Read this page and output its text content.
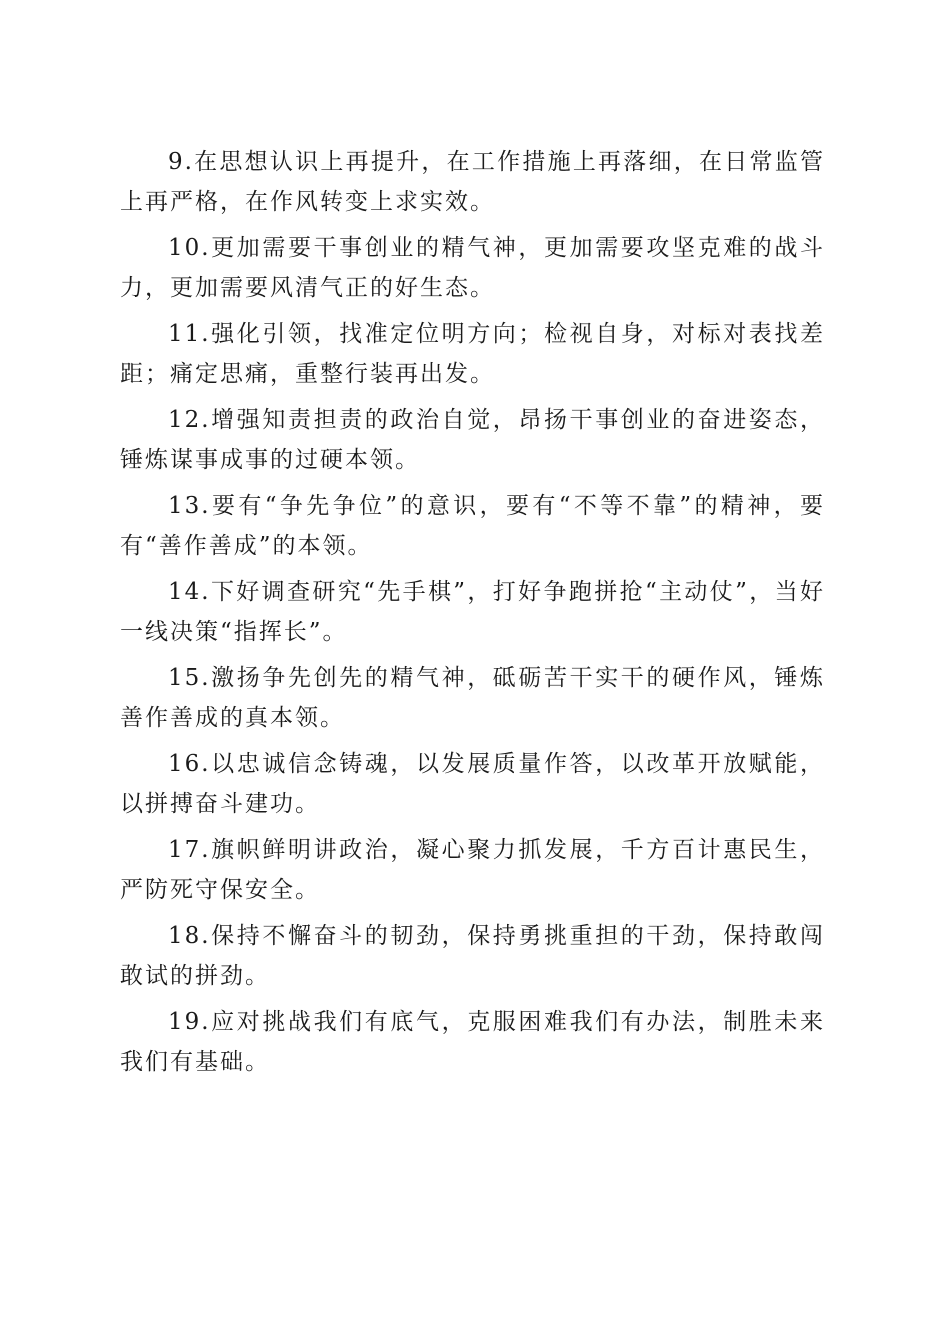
9.在思想认识上再提升，在工作措施上再落细，在日常监管上再严格，在作风转变上求实效。

10.更加需要干事创业的精气神，更加需要攻坚克难的战斗力，更加需要风清气正的好生态。

11.强化引领，找准定位明方向；检视自身，对标对表找差距；痛定思痛，重整行装再出发。

12.增强知责担责的政治自觉，昂扬干事创业的奋进姿态，锤炼谋事成事的过硬本领。

13.要有“争先争位”的意识，要有“不等不靠”的精神，要有“善作善成”的本领。

14.下好调查研究“先手棋”，打好争跑拼抢“主动仗”，当好一线决策“指挥长”。

15.激扬争先创先的精气神，砥砺苦干实干的硬作风，锤炼善作善成的真本领。

16.以忠诚信念铸魂，以发展质量作答，以改革开放赋能，以拼搏奋斗建功。

17.旗帜鲜明讲政治，凝心聚力抓发展，千方百计惠民生，严防死守保安全。

18.保持不懈奋斗的韧劲，保持勇挑重担的干劲，保持敢闯敢试的拼劲。

19.应对挑战我们有底气，克服困难我们有办法，制胜未来我们有基础。
